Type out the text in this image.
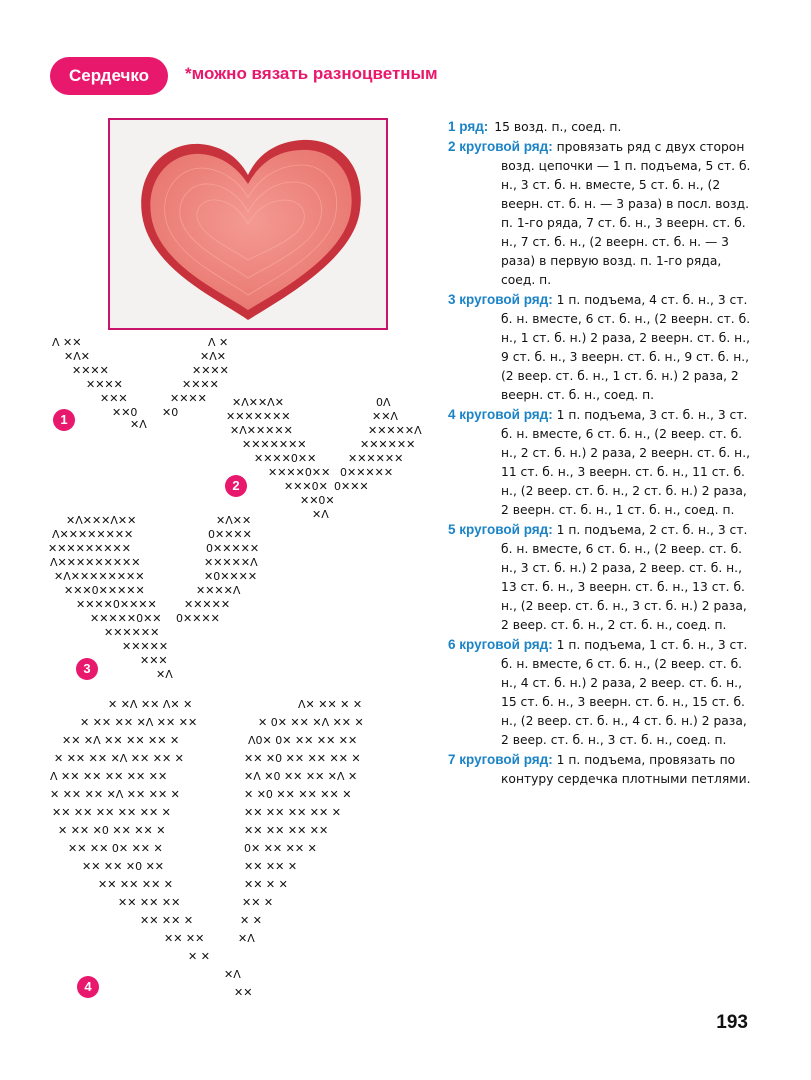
Сердечко	*можно вязать разноцветным
ᐱ ✕✕
✕ᐱ✕
✕✕✕✕
✕✕✕✕
✕✕✕
✕✕0
✕ᐱ
✕0
✕✕✕✕
✕✕✕✕
✕✕✕✕
✕ᐱ✕
ᐱ ✕
1
✕ᐱ✕✕ᐱ✕
✕✕✕✕✕✕✕
✕ᐱ✕✕✕✕✕
✕✕✕✕✕✕✕
✕✕✕✕0✕✕
✕✕✕✕0✕✕
✕✕✕0✕
✕✕0✕
✕ᐱ
0✕✕✕
0✕✕✕✕✕
✕✕✕✕✕✕
✕✕✕✕✕✕
✕✕✕✕✕ᐱ
✕✕ᐱ
0ᐱ
2
✕ᐱ✕✕✕ᐱ✕✕
ᐱ✕✕✕✕✕✕✕✕
✕✕✕✕✕✕✕✕✕
ᐱ✕✕✕✕✕✕✕✕✕
✕ᐱ✕✕✕✕✕✕✕✕
✕✕✕0✕✕✕✕✕
✕✕✕✕0✕✕✕✕
✕✕✕✕✕0✕✕
✕✕✕✕✕✕
✕✕✕✕✕
✕✕✕
✕ᐱ
0✕✕✕✕
✕✕✕✕✕
✕✕✕✕ᐱ
✕0✕✕✕✕
✕✕✕✕✕ᐱ
0✕✕✕✕✕
0✕✕✕✕
✕ᐱ✕✕
3
✕ ✕ᐱ ✕✕ ᐱ✕ ✕
✕ ✕✕ ✕✕ ✕ᐱ ✕✕ ✕✕
✕✕ ✕ᐱ ✕✕ ✕✕ ✕✕ ✕
✕ ✕✕ ✕✕ ✕ᐱ ✕✕ ✕✕ ✕
ᐱ ✕✕ ✕✕ ✕✕ ✕✕ ✕✕
✕ ✕✕ ✕✕ ✕ᐱ ✕✕ ✕✕ ✕
✕✕ ✕✕ ✕✕ ✕✕ ✕✕ ✕
✕ ✕✕ ✕0 ✕✕ ✕✕ ✕
✕✕ ✕✕ 0✕ ✕✕ ✕
✕✕ ✕✕ ✕0 ✕✕
✕✕ ✕✕ ✕✕ ✕
✕✕ ✕✕ ✕✕
✕✕ ✕✕ ✕
✕✕ ✕✕
✕ ✕
✕ᐱ
✕✕
ᐱ✕ ✕✕ ✕ ✕
✕ 0✕ ✕✕ ✕ᐱ ✕✕ ✕
ᐱ0✕ 0✕ ✕✕ ✕✕ ✕✕
✕✕ ✕0 ✕✕ ✕✕ ✕✕ ✕
✕ᐱ ✕0 ✕✕ ✕✕ ✕ᐱ ✕
✕ ✕0 ✕✕ ✕✕ ✕✕ ✕
✕✕ ✕✕ ✕✕ ✕✕ ✕
✕✕ ✕✕ ✕✕ ✕✕
0✕ ✕✕ ✕✕ ✕
✕✕ ✕✕ ✕
✕✕ ✕ ✕
✕✕ ✕
✕ ✕
✕ᐱ
4

1 ряд: 15 возд. п., соед. п.

2 круговой ряд: провязать ряд с двух сторон возд. цепочки — 1 п. подъема, 5 ст. б. н., 3 ст. б. н. вместе, 5 ст. б. н., (2 веерн. ст. б. н. — 3 раза) в посл. возд. п. 1-го ряда, 7 ст. б. н., 3 веерн. ст. б. н., 7 ст. б. н., (2 веерн. ст. б. н. — 3 раза) в первую возд. п. 1-го ряда, соед. п.

3 круговой ряд: 1 п. подъема, 4 ст. б. н., 3 ст. б. н. вместе, 6 ст. б. н., (2 веерн. ст. б. н., 1 ст. б. н.) 2 раза, 2 веерн. ст. б. н., 9 ст. б. н., 3 веерн. ст. б. н., 9 ст. б. н., (2 веер. ст. б. н., 1 ст. б. н.) 2 раза, 2 веерн. ст. б. н., соед. п.

4 круговой ряд: 1 п. подъема, 3 ст. б. н., 3 ст. б. н. вместе, 6 ст. б. н., (2 веер. ст. б. н., 2 ст. б. н.) 2 раза, 2 веерн. ст. б. н., 11 ст. б. н., 3 веерн. ст. б. н., 11 ст. б. н., (2 веер. ст. б. н., 2 ст. б. н.) 2 раза, 2 веерн. ст. б. н., 1 ст. б. н., соед. п.

5 круговой ряд: 1 п. подъема, 2 ст. б. н., 3 ст. б. н. вместе, 6 ст. б. н., (2 веер. ст. б. н., 3 ст. б. н.) 2 раза, 2 веер. ст. б. н., 13 ст. б. н., 3 веерн. ст. б. н., 13 ст. б. н., (2 веер. ст. б. н., 3 ст. б. н.) 2 раза, 2 веер. ст. б. н., 2 ст. б. н., соед. п.

6 круговой ряд: 1 п. подъема, 1 ст. б. н., 3 ст. б. н. вместе, 6 ст. б. н., (2 веер. ст. б. н., 4 ст. б. н.) 2 раза, 2 веер. ст. б. н., 15 ст. б. н., 3 веерн. ст. б. н., 15 ст. б. н., (2 веер. ст. б. н., 4 ст. б. н.) 2 раза, 2 веер. ст. б. н., 3 ст. б. н., соед. п.

7 круговой ряд: 1 п. подъема, провязать по контуру сердечка плотными петлями.

193
